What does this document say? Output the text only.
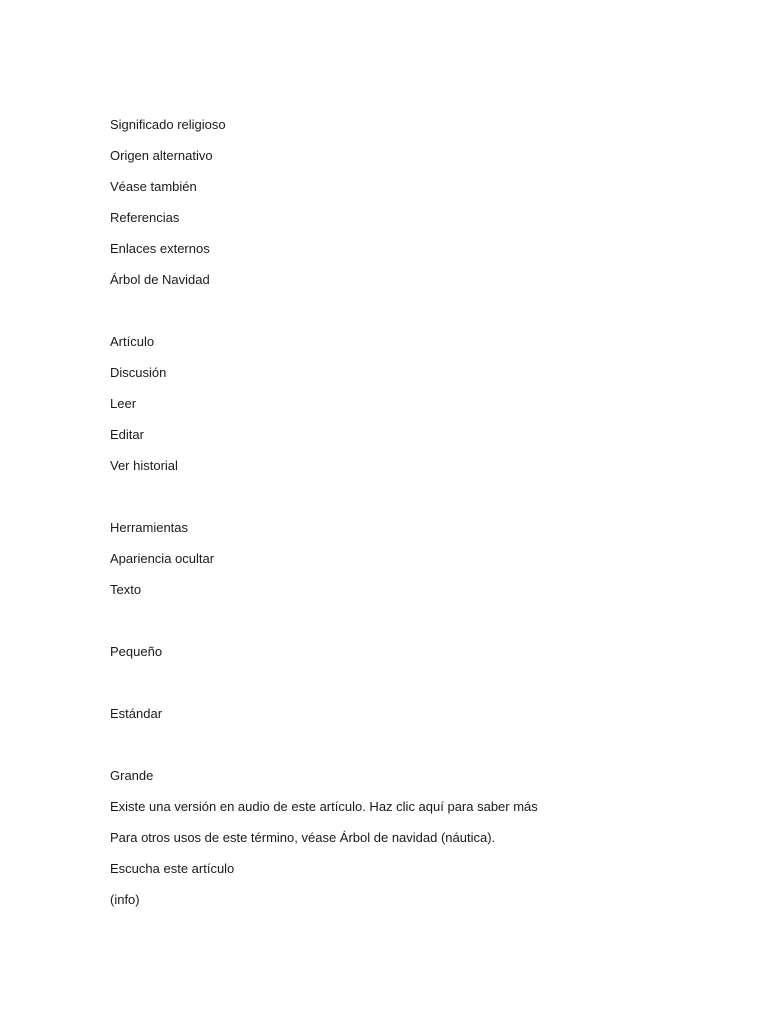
Significado religioso

Origen alternativo

Véase también

Referencias

Enlaces externos

Árbol de Navidad

Artículo

Discusión

Leer

Editar

Ver historial

Herramientas

Apariencia ocultar

Texto

Pequeño

Estándar

Grande

Existe una versión en audio de este artículo. Haz clic aquí para saber más

Para otros usos de este término, véase Árbol de navidad (náutica).

Escucha este artículo

(info)
